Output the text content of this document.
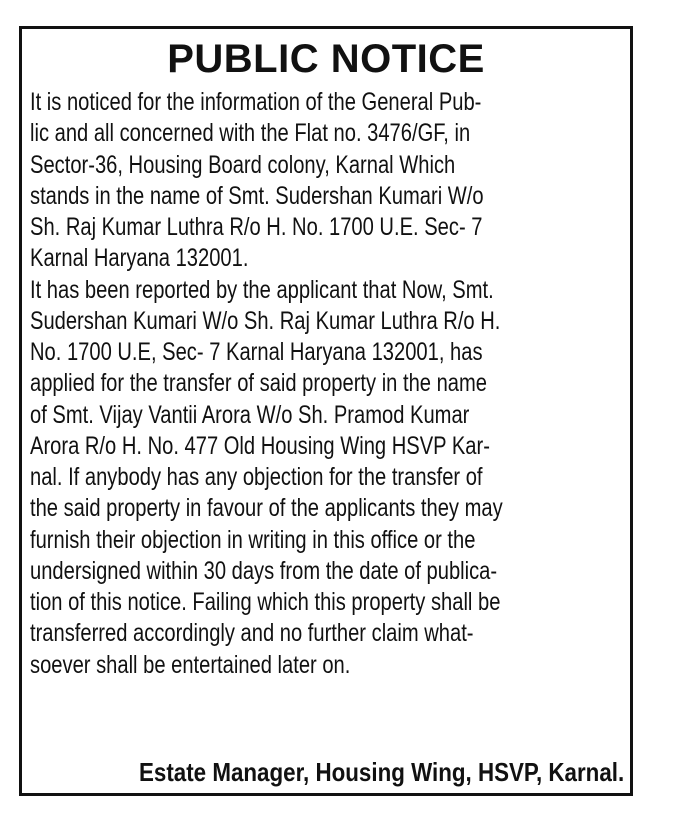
PUBLIC NOTICE
It is noticed for the information of the General Pub-
lic and all concerned with the Flat no. 3476/GF, in
Sector-36, Housing Board colony, Karnal Which
stands in the name of Smt. Sudershan Kumari W/o
Sh. Raj Kumar Luthra R/o H. No. 1700 U.E. Sec- 7
Karnal Haryana 132001.
It has been reported by the applicant that Now, Smt.
Sudershan Kumari W/o Sh. Raj Kumar Luthra R/o H.
No. 1700 U.E, Sec- 7 Karnal Haryana 132001, has
applied for the transfer of said property in the name
of Smt. Vijay Vantii Arora W/o Sh. Pramod Kumar
Arora R/o H. No. 477 Old Housing Wing HSVP Kar-
nal. If anybody has any objection for the transfer of
the said property in favour of the applicants they may
furnish their objection in writing in this office or the
undersigned within 30 days from the date of publica-
tion of this notice. Failing which this property shall be
transferred accordingly and no further claim what-
soever shall be entertained later on.
Estate Manager, Housing Wing, HSVP, Karnal.
